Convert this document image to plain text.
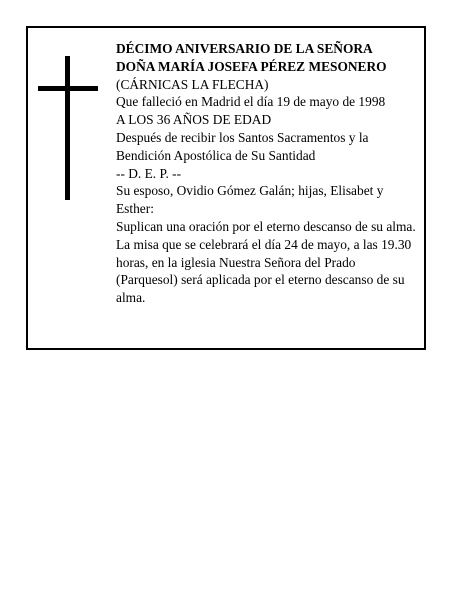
DÉCIMO ANIVERSARIO DE LA SEÑORA

DOÑA MARÍA JOSEFA PÉREZ MESONERO

(CÁRNICAS LA FLECHA)

Que falleció en Madrid el día 19 de mayo de 1998

A LOS 36 AÑOS DE EDAD

Después de recibir los Santos Sacramentos y la Bendición Apostólica de Su Santidad

-- D. E. P. --

Su esposo, Ovidio Gómez Galán; hijas, Elisabet y Esther:

Suplican una oración por el eterno descanso de su alma.

La misa que se celebrará el día 24 de mayo, a las 19.30 horas, en la iglesia Nuestra Señora del Prado (Parquesol) será aplicada por el eterno descanso de su alma.
